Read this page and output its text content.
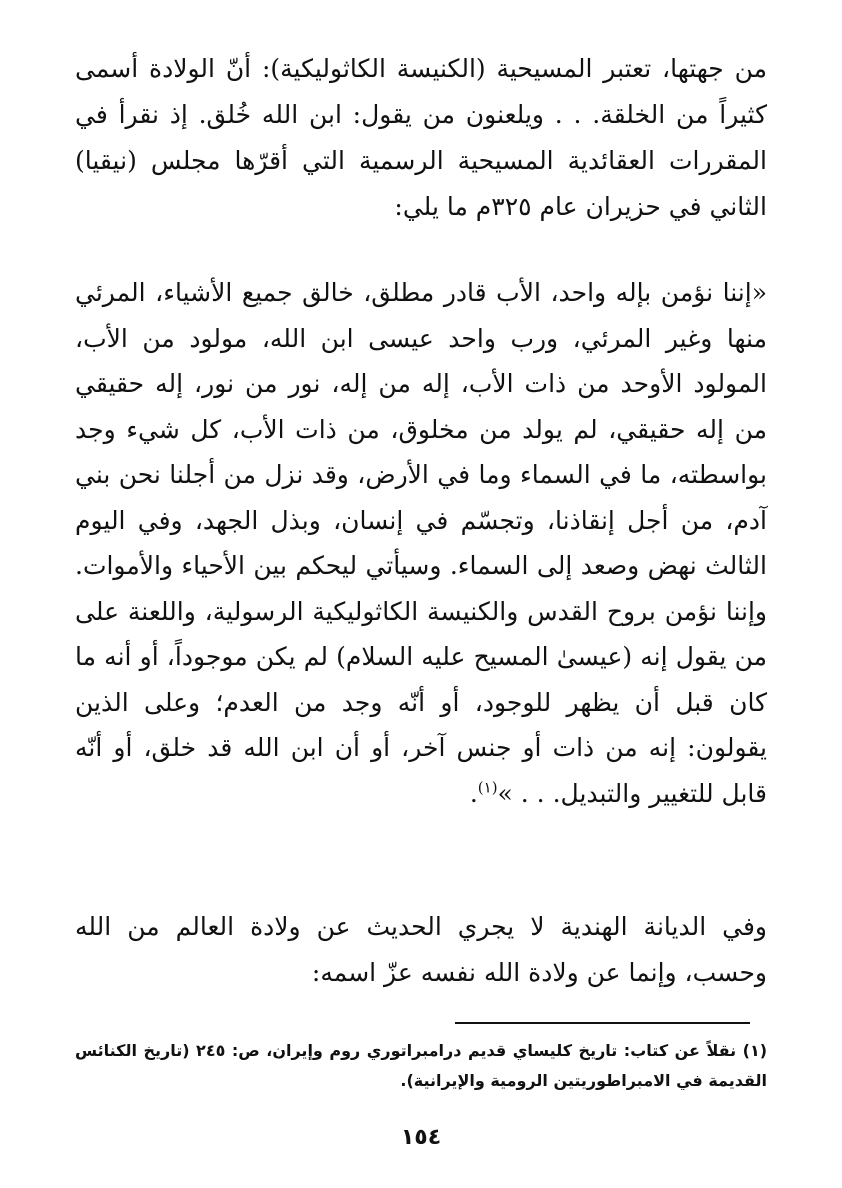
من جهتها، تعتبر المسيحية (الكنيسة الكاثوليكية): أنّ الولادة أسمى كثيراً من الخلقة. . . ويلعنون من يقول: ابن الله خُلق. إذ نقرأ في المقررات العقائدية المسيحية الرسمية التي أقرّها مجلس (نيقيا) الثاني في حزيران عام ٣٢٥م ما يلي:

«إننا نؤمن بإله واحد، الأب قادر مطلق، خالق جميع الأشياء، المرئي منها وغير المرئي، ورب واحد عيسى ابن الله، مولود من الأب، المولود الأوحد من ذات الأب، إله من إله، نور من نور، إله حقيقي من إله حقيقي، لم يولد من مخلوق، من ذات الأب، كل شيء وجد بواسطته، ما في السماء وما في الأرض، وقد نزل من أجلنا نحن بني آدم، من أجل إنقاذنا، وتجسّم في إنسان، وبذل الجهد، وفي اليوم الثالث نهض وصعد إلى السماء. وسيأتي ليحكم بين الأحياء والأموات. وإننا نؤمن بروح القدس والكنيسة الكاثوليكية الرسولية، واللعنة على من يقول إنه (عيسىٰ المسيح عليه السلام) لم يكن موجوداً، أو أنه ما كان قبل أن يظهر للوجود، أو أنّه وجد من العدم؛ وعلى الذين يقولون: إنه من ذات أو جنس آخر، أو أن ابن الله قد خلق، أو أنّه قابل للتغيير والتبديل. . . »$^{(١)}$.

وفي الديانة الهندية لا يجري الحديث عن ولادة العالم من الله وحسب، وإنما عن ولادة الله نفسه عزّ اسمه:

(١) نقلاً عن كتاب: تاريخ كليساي قديم درامبراتوري روم وإيران، ص: ٢٤٥ (تاريخ الكنائس القديمة في الامبراطوريتين الرومية والإيرانية).

١٥٤
